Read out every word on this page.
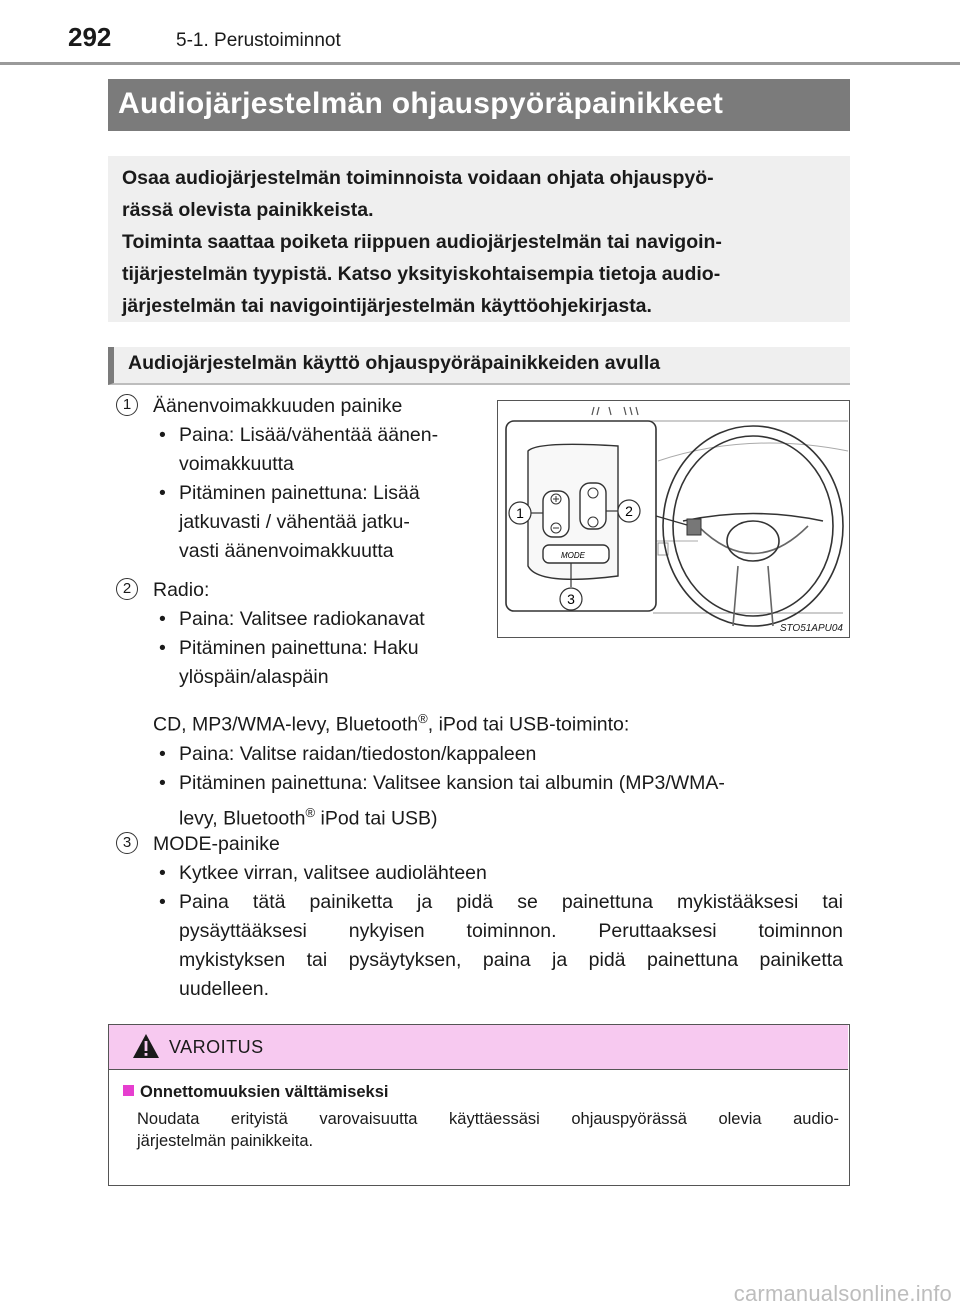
292	5-1. Perustoiminnot
Audiojärjestelmän ohjauspyöräpainikkeet

Osaa audiojärjestelmän toiminnoista voidaan ohjata ohjauspyö-

rässä olevista painikkeista.

Toiminta saattaa poiketa riippuen audiojärjestelmän tai navigoin-

tijärjestelmän tyypistä. Katso yksityiskohtaisempia tietoja audio-

järjestelmän tai navigointijärjestelmän käyttöohjekirjasta.

Audiojärjestelmän käyttö ohjauspyöräpainikkeiden avulla
1	Äänenvoimakkuuden painike
• Paina: Lisää/vähentää äänen-
voimakkuutta
• Pitäminen painettuna: Lisää
jatkuvasti / vähentää jatku-
vasti äänenvoimakkuutta
2	Radio:
• Paina: Valitsee radiokanavat
• Pitäminen painettuna: Haku
ylöspäin/alaspäin
CD, MP3/WMA-levy, Bluetooth®, iPod tai USB-toiminto:
• Paina: Valitse raidan/tiedoston/kappaleen
• Pitäminen painettuna: Valitsee kansion tai albumin (MP3/WMA-
levy, Bluetooth® iPod tai USB)
3	MODE-painike
• Kytkee virran, valitsee audiolähteen
• Paina tätä painiketta ja pidä se painettuna mykistääksesi tai
pysäyttääksesi nykyisen toiminnon. Peruttaaksesi toiminnon
mykistyksen tai pysäytyksen, paina ja pidä painettuna painiketta
uudelleen.
MODE
1	2
3
STO51APU04
VAROITUS
Onnettomuuksien välttämiseksi
Noudata erityistä varovaisuutta käyttäessäsi ohjauspyörässä olevia audio-
järjestelmän painikkeita.
carmanualsonline.info
